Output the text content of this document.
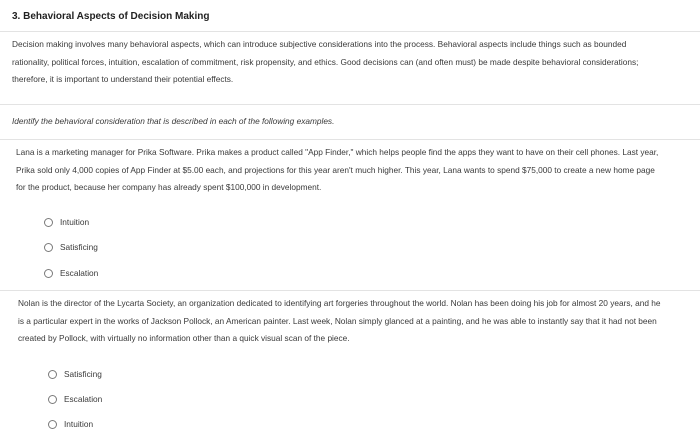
3. Behavioral Aspects of Decision Making
Decision making involves many behavioral aspects, which can introduce subjective considerations into the process. Behavioral aspects include things such as bounded rationality, political forces, intuition, escalation of commitment, risk propensity, and ethics. Good decisions can (and often must) be made despite behavioral considerations; therefore, it is important to understand their potential effects.
Identify the behavioral consideration that is described in each of the following examples.
Lana is a marketing manager for Prika Software. Prika makes a product called "App Finder," which helps people find the apps they want to have on their cell phones. Last year, Prika sold only 4,000 copies of App Finder at $5.00 each, and projections for this year aren't much higher. This year, Lana wants to spend $75,000 to create a new home page for the product, because her company has already spent $100,000 in development.
Intuition
Satisficing
Escalation
Nolan is the director of the Lycarta Society, an organization dedicated to identifying art forgeries throughout the world. Nolan has been doing his job for almost 20 years, and he is a particular expert in the works of Jackson Pollock, an American painter. Last week, Nolan simply glanced at a painting, and he was able to instantly say that it had not been created by Pollock, with virtually no information other than a quick visual scan of the piece.
Satisficing
Escalation
Intuition
